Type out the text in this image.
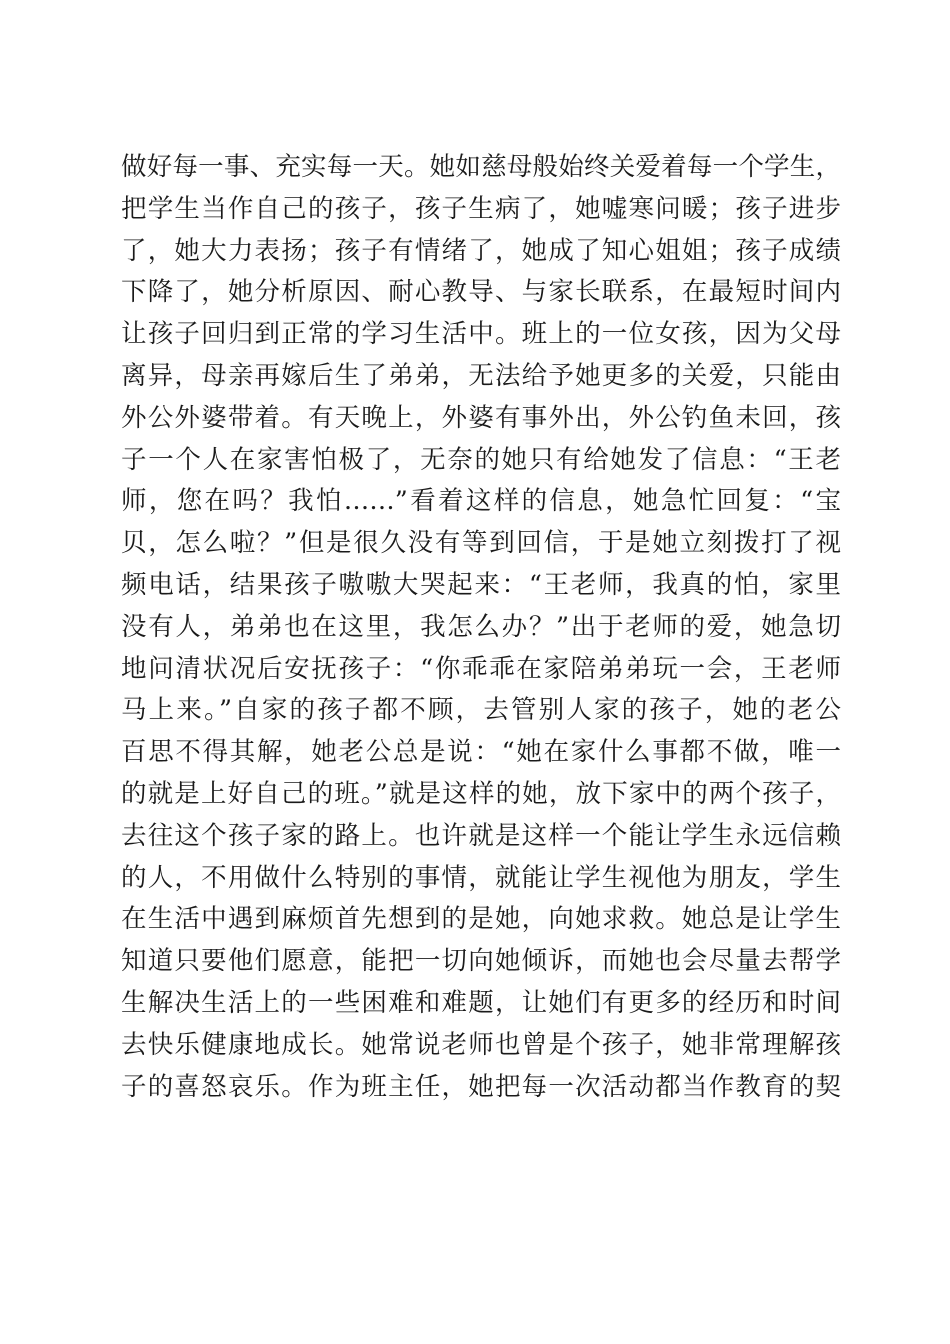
做好每一事、充实每一天。她如慈母般始终关爱着每一个学生，
把学生当作自己的孩子，孩子生病了，她嘘寒问暖；孩子进步
了，她大力表扬；孩子有情绪了，她成了知心姐姐；孩子成绩
下降了，她分析原因、耐心教导、与家长联系，在最短时间内
让孩子回归到正常的学习生活中。班上的一位女孩，因为父母
离异，母亲再嫁后生了弟弟，无法给予她更多的关爱，只能由
外公外婆带着。有天晚上，外婆有事外出，外公钓鱼未回，孩
子一个人在家害怕极了，无奈的她只有给她发了信息：“王老
师，您在吗？我怕……”看着这样的信息，她急忙回复：“宝
贝，怎么啦？”但是很久没有等到回信，于是她立刻拨打了视
频电话，结果孩子嗷嗷大哭起来：“王老师，我真的怕，家里
没有人，弟弟也在这里，我怎么办？”出于老师的爱，她急切
地问清状况后安抚孩子：“你乖乖在家陪弟弟玩一会，王老师
马上来。”自家的孩子都不顾，去管别人家的孩子，她的老公
百思不得其解，她老公总是说：“她在家什么事都不做，唯一
的就是上好自己的班。”就是这样的她，放下家中的两个孩子，
去往这个孩子家的路上。也许就是这样一个能让学生永远信赖
的人，不用做什么特别的事情，就能让学生视他为朋友，学生
在生活中遇到麻烦首先想到的是她，向她求救。她总是让学生
知道只要他们愿意，能把一切向她倾诉，而她也会尽量去帮学
生解决生活上的一些困难和难题，让她们有更多的经历和时间
去快乐健康地成长。她常说老师也曾是个孩子，她非常理解孩
子的喜怒哀乐。作为班主任，她把每一次活动都当作教育的契
